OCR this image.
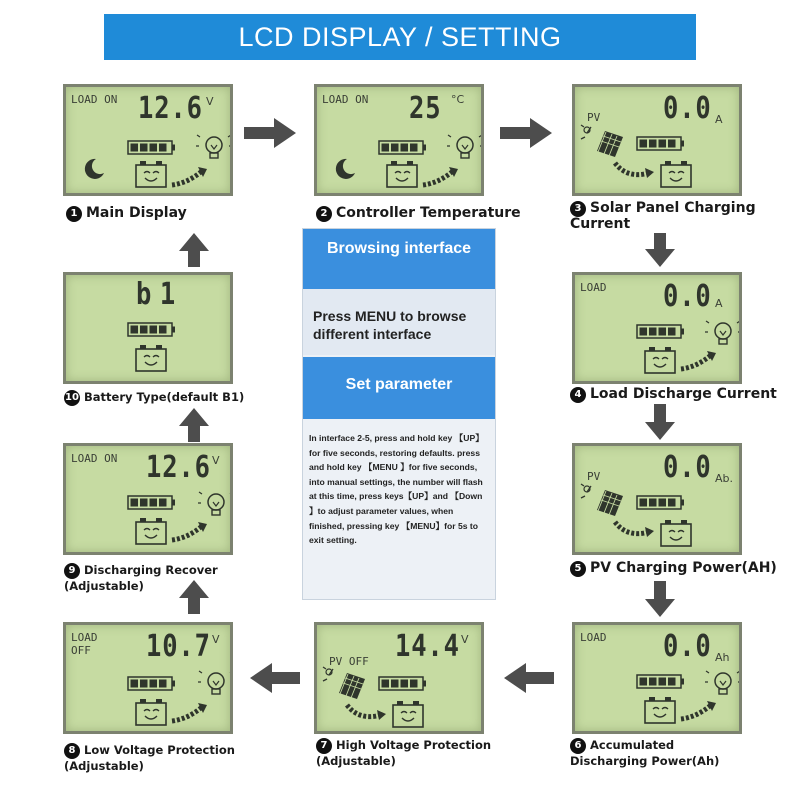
LCD DISPLAY / SETTING
LOAD ON 12.6 V	LOAD ON 25 °C
PV 0.0 A
LOAD 0.0 A
PV 0.0 Ab.
LOAD 0.0 Ah
PV OFF 14.4 V
LOAD OFF	10.7 V
LOAD ON 12.6 V
b1
1 Main Display	2 Controller Temperature	3 Solar Panel Charging Current
4 Load Discharge Current
5 PV Charging Power(AH)
6 Accumulated Discharging Power(Ah)
7 High Voltage Protection (Adjustable)
8 Low Voltage Protection (Adjustable)
9 Discharging Recover (Adjustable)
10 Battery Type(default B1)
Browsing interface
Press MENU to browse different interface
Set parameter
In interface 2-5, press and hold key 【UP】for five seconds, restoring defaults. press and hold key 【MENU 】for five seconds, into manual settings, the number will flash at this time, press keys【UP】and 【Down 】to adjust parameter values, when finished, pressing key 【MENU】for 5s to exit setting.
